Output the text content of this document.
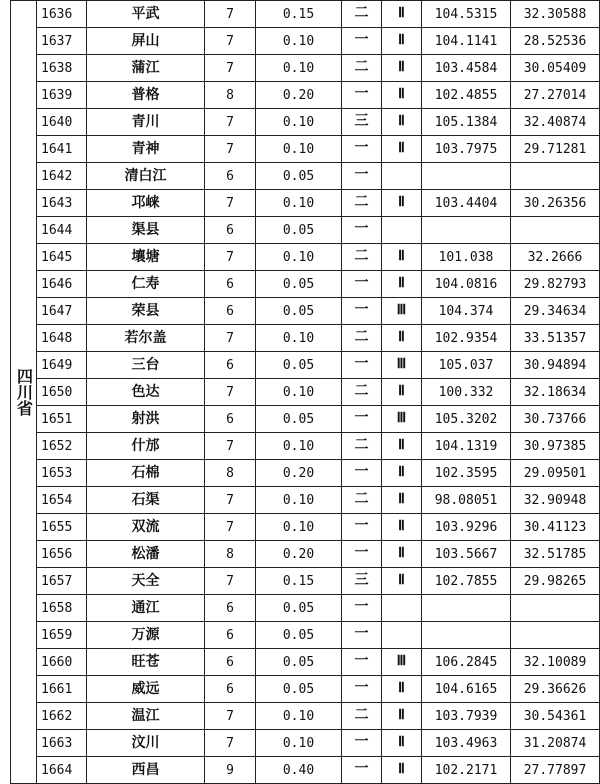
四川省	1636	平武	7	0.15	二	Ⅱ	104.5315	32.30588
	1637	屏山	7	0.10	一	Ⅱ	104.1141	28.52536
	1638	蒲江	7	0.10	二	Ⅱ	103.4584	30.05409
	1639	普格	8	0.20	一	Ⅱ	102.4855	27.27014
	1640	青川	7	0.10	三	Ⅱ	105.1384	32.40874
	1641	青神	7	0.10	一	Ⅱ	103.7975	29.71281
	1642	清白江	6	0.05	一			
	1643	邛崃	7	0.10	二	Ⅱ	103.4404	30.26356
	1644	渠县	6	0.05	一			
	1645	壤塘	7	0.10	二	Ⅱ	101.038	32.2666
	1646	仁寿	6	0.05	一	Ⅱ	104.0816	29.82793
	1647	荣县	6	0.05	一	Ⅲ	104.374	29.34634
	1648	若尔盖	7	0.10	二	Ⅱ	102.9354	33.51357
	1649	三台	6	0.05	一	Ⅲ	105.037	30.94894
	1650	色达	7	0.10	二	Ⅱ	100.332	32.18634
	1651	射洪	6	0.05	一	Ⅲ	105.3202	30.73766
	1652	什邡	7	0.10	二	Ⅱ	104.1319	30.97385
	1653	石棉	8	0.20	一	Ⅱ	102.3595	29.09501
	1654	石渠	7	0.10	二	Ⅱ	98.08051	32.90948
	1655	双流	7	0.10	一	Ⅱ	103.9296	30.41123
	1656	松潘	8	0.20	一	Ⅱ	103.5667	32.51785
	1657	天全	7	0.15	三	Ⅱ	102.7855	29.98265
	1658	通江	6	0.05	一			
	1659	万源	6	0.05	一			
	1660	旺苍	6	0.05	一	Ⅲ	106.2845	32.10089
	1661	威远	6	0.05	一	Ⅱ	104.6165	29.36626
	1662	温江	7	0.10	二	Ⅱ	103.7939	30.54361
	1663	汶川	7	0.10	一	Ⅱ	103.4963	31.20874
	1664	西昌	9	0.40	一	Ⅱ	102.2171	27.77897
